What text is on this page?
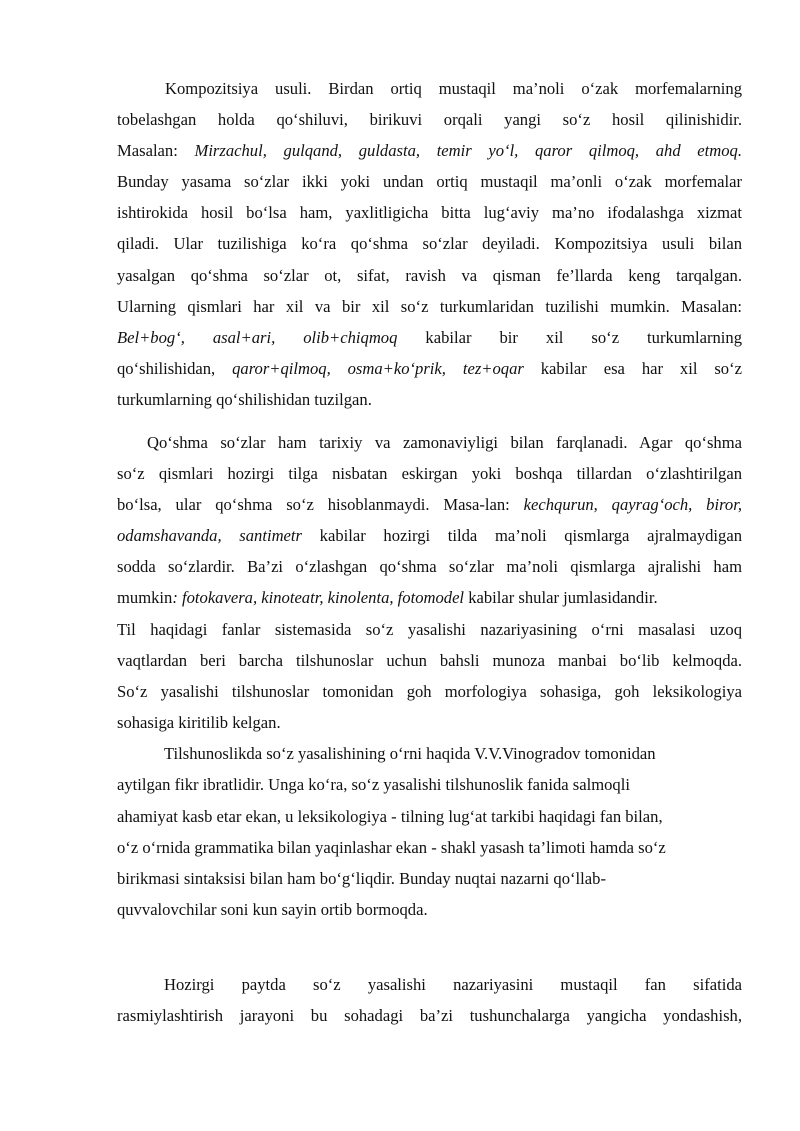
Kompozitsiya usuli. Birdan ortiq mustaqil ma’noli o‘zak morfemalarning
tobelashgan holda qo‘shiluvi, birikuvi orqali yangi so‘z hosil qilinishidir.
Masalan: Mirzachul, gulqand, guldasta, temir yo‘l, qaror qilmoq, ahd etmoq.
Bunday yasama so‘zlar ikki yoki undan ortiq mustaqil ma’onli o‘zak morfemalar
ishtirokida hosil bo‘lsa ham, yaxlitligicha bitta lug‘aviy ma’no ifodalashga xizmat
qiladi. Ular tuzilishiga ko‘ra qo‘shma so‘zlar deyiladi. Kompozitsiya usuli bilan
yasalgan qo‘shma so‘zlar ot, sifat, ravish va qisman fe’llarda keng tarqalgan.
Ularning qismlari har xil va bir xil so‘z turkumlaridan tuzilishi mumkin. Masalan:
Bel+bog‘, asal+ari, olib+chiqmoq kabilar bir xil so‘z turkumlarning
qo‘shilishidan, qaror+qilmoq, osma+ko‘prik, tez+oqar kabilar esa har xil so‘z
turkumlarning qo‘shilishidan tuzilgan.
Qo‘shma so‘zlar ham tarixiy va zamonaviyligi bilan farqlanadi. Agar qo‘shma
so‘z qismlari hozirgi tilga nisbatan eskirgan yoki boshqa tillardan o‘zlashtirilgan
bo‘lsa, ular qo‘shma so‘z hisoblanmaydi. Masa-lan: kechqurun, qayrag‘och, biror,
odamshavanda, santimetr kabilar hozirgi tilda ma’noli qismlarga ajralmaydigan
sodda so‘zlardir. Ba’zi o‘zlashgan qo‘shma so‘zlar ma’noli qismlarga ajralishi ham
mumkin: fotokavera, kinoteatr, kinolenta, fotomodel kabilar shular jumlasidandir.
Til haqidagi fanlar sistemasida so‘z yasalishi nazariyasining o‘rni masalasi uzoq
vaqtlardan beri barcha tilshunoslar uchun bahsli munoza manbai bo‘lib kelmoqda.
So‘z yasalishi tilshunoslar tomonidan goh morfologiya sohasiga, goh leksikologiya
sohasiga kiritilib kelgan.
Tilshunoslikda so‘z yasalishining o‘rni haqida V.V.Vinogradov tomonidan
aytilgan fikr ibratlidir. Unga ko‘ra, so‘z yasalishi tilshunoslik fanida salmoqli
ahamiyat kasb etar ekan, u leksikologiya - tilning lug‘at tarkibi haqidagi fan bilan,
o‘z o‘rnida grammatika bilan yaqinlashar ekan - shakl yasash ta’limoti hamda so‘z
birikmasi sintaksisi bilan ham bo‘g‘liqdir. Bunday nuqtai nazarni qo‘llab-
quvvalovchilar soni kun sayin ortib bormoqda.
Hozirgi paytda so‘z yasalishi nazariyasini mustaqil fan sifatida
rasmiylashtirish jarayoni bu sohadagi ba’zi tushunchalarga yangicha yondashish,
